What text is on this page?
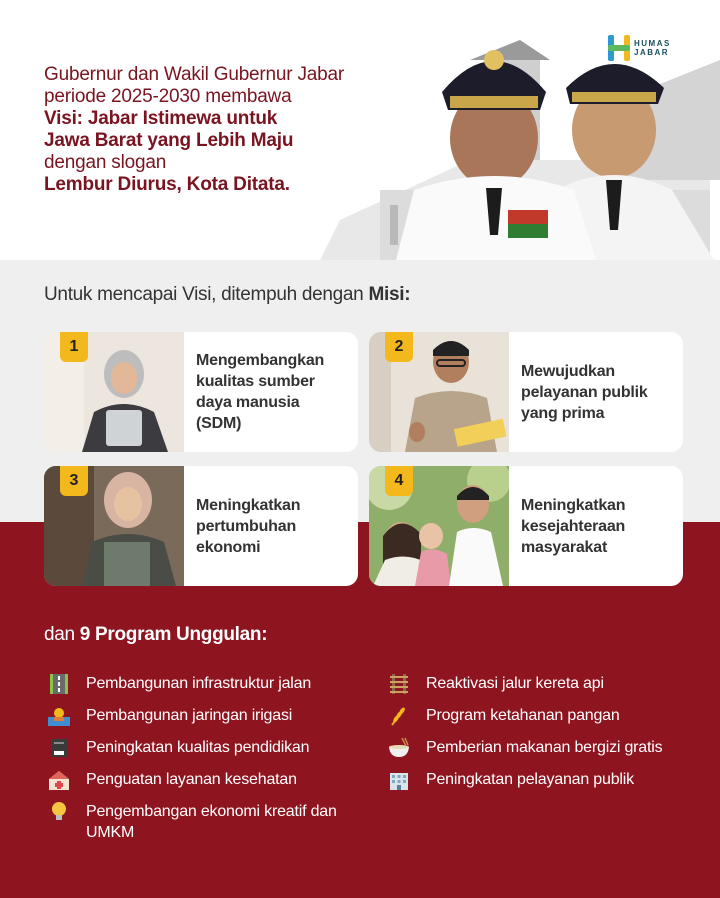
Gubernur dan Wakil Gubernur Jabar
periode 2025-2030 membawa
Visi: Jabar Istimewa untuk
Jawa Barat yang Lebih Maju
dengan slogan
Lembur Diurus, Kota Ditata.
HUMAS
JABAR
Untuk mencapai Visi, ditempuh dengan Misi:
1
Mengembangkan kualitas sumber daya manusia (SDM)
2
Mewujudkan pelayanan publik yang prima
3
Meningkatkan pertumbuhan ekonomi
4
Meningkatkan kesejahteraan masyarakat
dan 9 Program Unggulan:
Pembangunan infrastruktur jalan
Pembangunan jaringan irigasi
Peningkatan kualitas pendidikan
Penguatan layanan kesehatan
Pengembangan ekonomi kreatif dan UMKM
Reaktivasi jalur kereta api
Program ketahanan pangan
Pemberian makanan bergizi gratis
Peningkatan pelayanan publik
